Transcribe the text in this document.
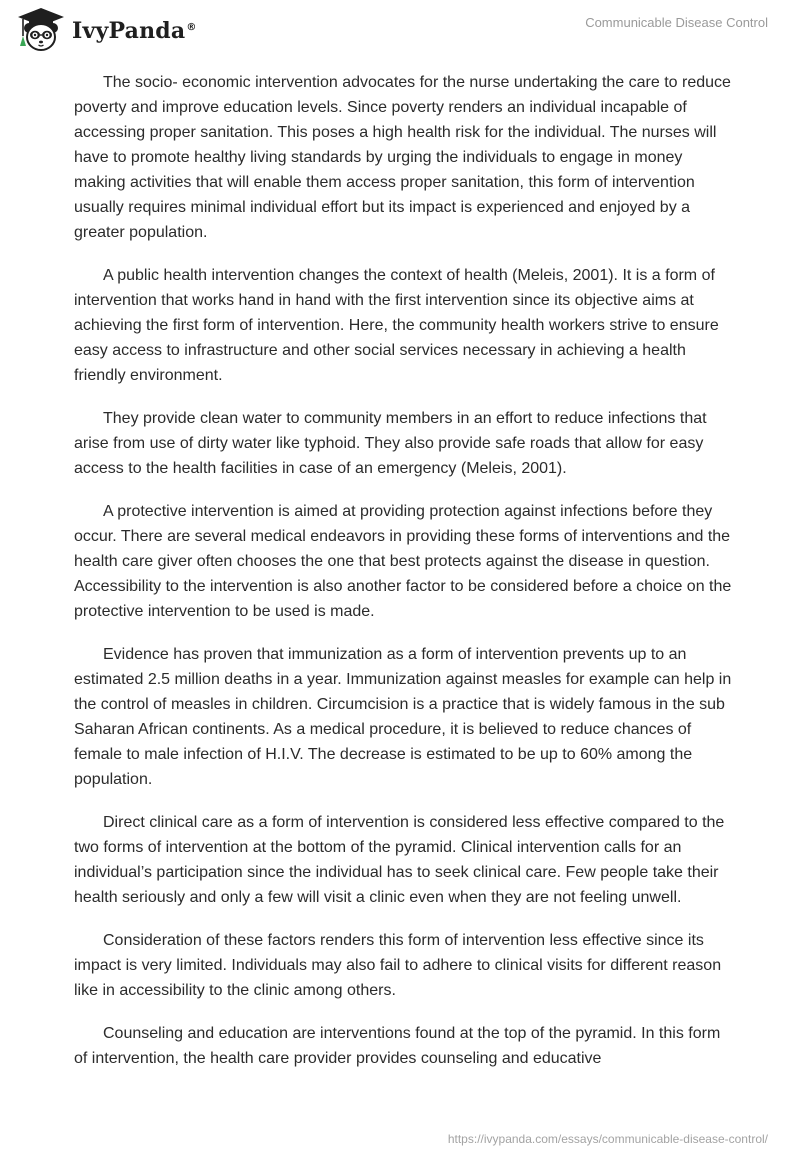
IvyPanda®	Communicable Disease Control

The socio- economic intervention advocates for the nurse undertaking the care to reduce poverty and improve education levels. Since poverty renders an individual incapable of accessing proper sanitation. This poses a high health risk for the individual. The nurses will have to promote healthy living standards by urging the individuals to engage in money making activities that will enable them access proper sanitation, this form of intervention usually requires minimal individual effort but its impact is experienced and enjoyed by a greater population.

A public health intervention changes the context of health (Meleis, 2001). It is a form of intervention that works hand in hand with the first intervention since its objective aims at achieving the first form of intervention. Here, the community health workers strive to ensure easy access to infrastructure and other social services necessary in achieving a health friendly environment.

They provide clean water to community members in an effort to reduce infections that arise from use of dirty water like typhoid. They also provide safe roads that allow for easy access to the health facilities in case of an emergency (Meleis, 2001).

A protective intervention is aimed at providing protection against infections before they occur. There are several medical endeavors in providing these forms of interventions and the health care giver often chooses the one that best protects against the disease in question. Accessibility to the intervention is also another factor to be considered before a choice on the protective intervention to be used is made.

Evidence has proven that immunization as a form of intervention prevents up to an estimated 2.5 million deaths in a year. Immunization against measles for example can help in the control of measles in children. Circumcision is a practice that is widely famous in the sub Saharan African continents. As a medical procedure, it is believed to reduce chances of female to male infection of H.I.V. The decrease is estimated to be up to 60% among the population.

Direct clinical care as a form of intervention is considered less effective compared to the two forms of intervention at the bottom of the pyramid. Clinical intervention calls for an individual’s participation since the individual has to seek clinical care. Few people take their health seriously and only a few will visit a clinic even when they are not feeling unwell.

Consideration of these factors renders this form of intervention less effective since its impact is very limited. Individuals may also fail to adhere to clinical visits for different reason like in accessibility to the clinic among others.

Counseling and education are interventions found at the top of the pyramid. In this form of intervention, the health care provider provides counseling and educative

https://ivypanda.com/essays/communicable-disease-control/
